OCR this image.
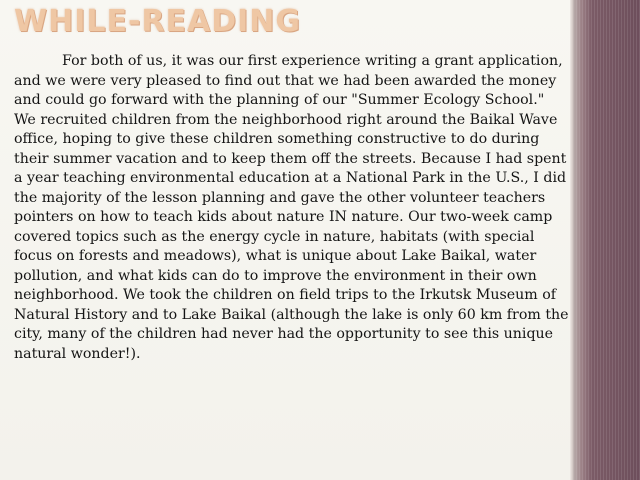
WHILE-READING

For both of us, it was our first experience writing a grant application, and we were very pleased to find out that we had been awarded the money and could go forward with the planning of our "Summer Ecology School." We recruited children from the neighborhood right around the Baikal Wave office, hoping to give these children something constructive to do during their summer vacation and to keep them off the streets. Because I had spent a year teaching environmental education at a National Park in the U.S., I did the majority of the lesson planning and gave the other volunteer teachers pointers on how to teach kids about nature IN nature. Our two-week camp covered topics such as the energy cycle in nature, habitats (with special focus on forests and meadows), what is unique about Lake Baikal, water pollution, and what kids can do to improve the environment in their own neighborhood. We took the children on field trips to the Irkutsk Museum of Natural History and to Lake Baikal (although the lake is only 60 km from the city, many of the children had never had the opportunity to see this unique natural wonder!).
